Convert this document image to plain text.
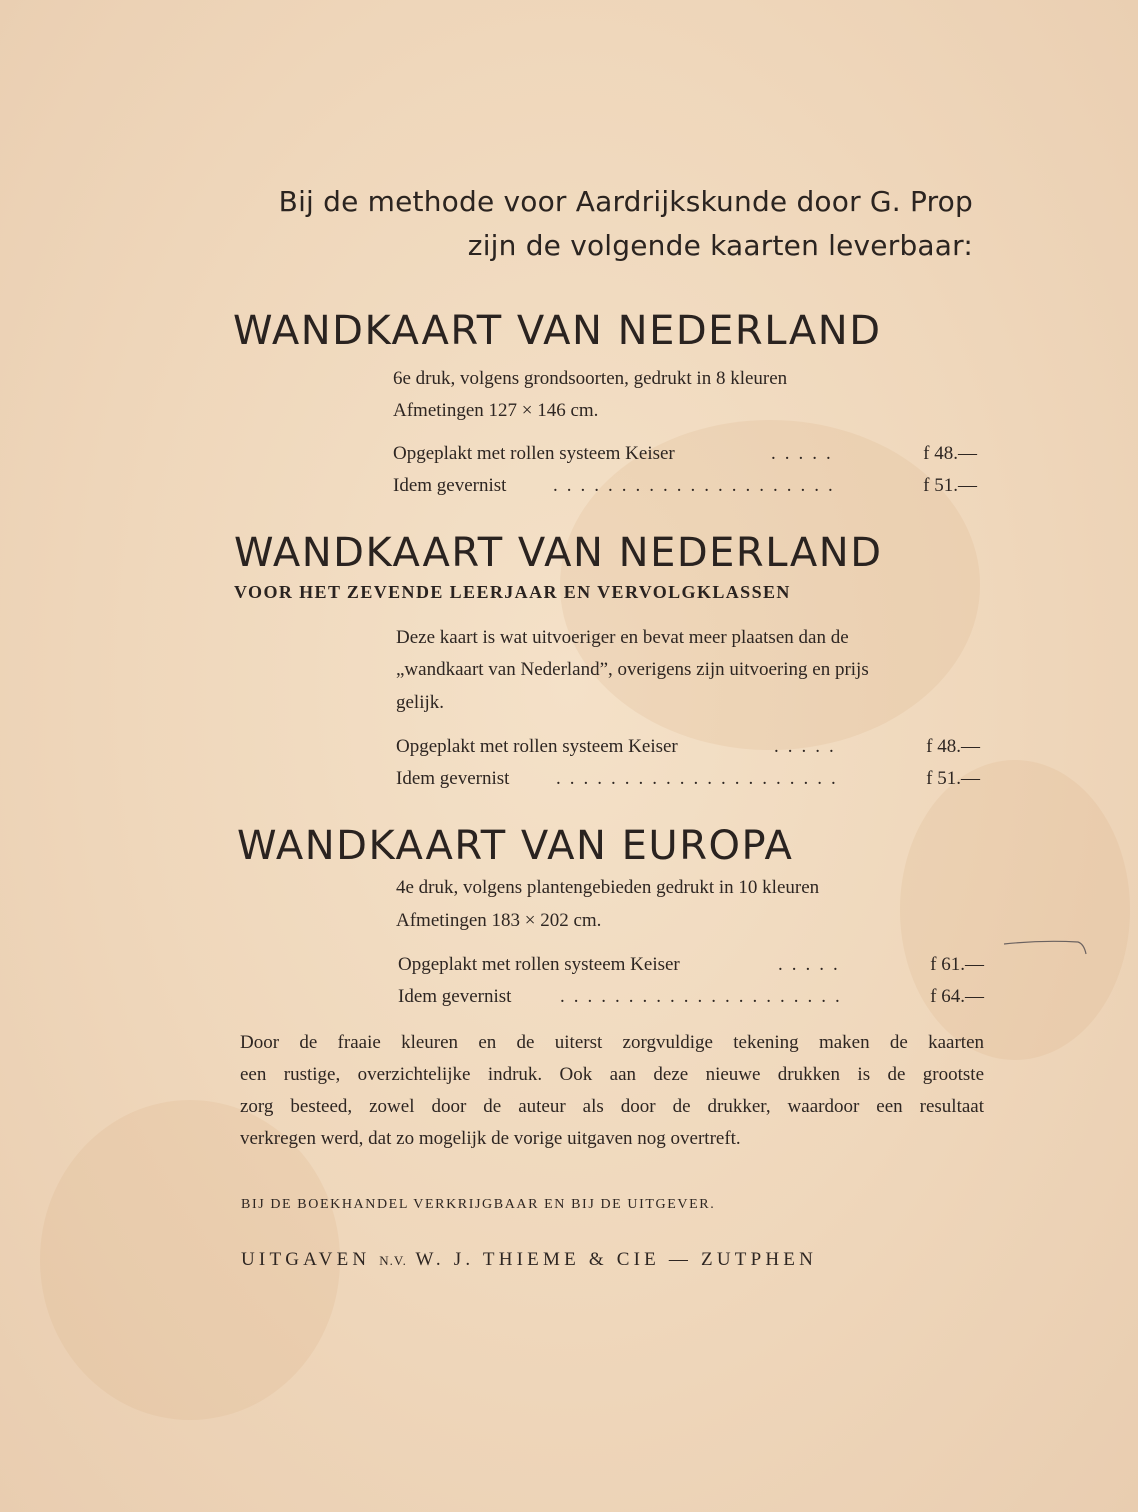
Bij de methode voor Aardrijkskunde door G. Prop
zijn de volgende kaarten leverbaar:
WANDKAART VAN NEDERLAND
6e druk, volgens grondsoorten, gedrukt in 8 kleuren
Afmetingen 127 × 146 cm.
Opgeplakt met rollen systeem Keiser	.....	f 48.—
Idem gevernist .....................	f 51.—
WANDKAART VAN NEDERLAND
VOOR HET ZEVENDE LEERJAAR EN VERVOLGKLASSEN
Deze kaart is wat uitvoeriger en bevat meer plaatsen dan de
„wandkaart van Nederland”, overigens zijn uitvoering en prijs
gelijk.
Opgeplakt met rollen systeem Keiser	.....	f 48.—
Idem gevernist .....................	f 51.—
WANDKAART VAN EUROPA
4e druk, volgens plantengebieden gedrukt in 10 kleuren
Afmetingen 183 × 202 cm.
Opgeplakt met rollen systeem Keiser	.....	f 61.—
Idem gevernist	.....................	f 64.—
Door de fraaie kleuren en de uiterst zorgvuldige tekening maken de kaarten
een rustige, overzichtelijke indruk. Ook aan deze nieuwe drukken is de grootste
zorg besteed, zowel door de auteur als door de drukker, waardoor een resultaat
verkregen werd, dat zo mogelijk de vorige uitgaven nog overtreft.
BIJ DE BOEKHANDEL VERKRIJGBAAR EN BIJ DE UITGEVER.
UITGAVEN N.V. W. J. THIEME & CIE — ZUTPHEN
